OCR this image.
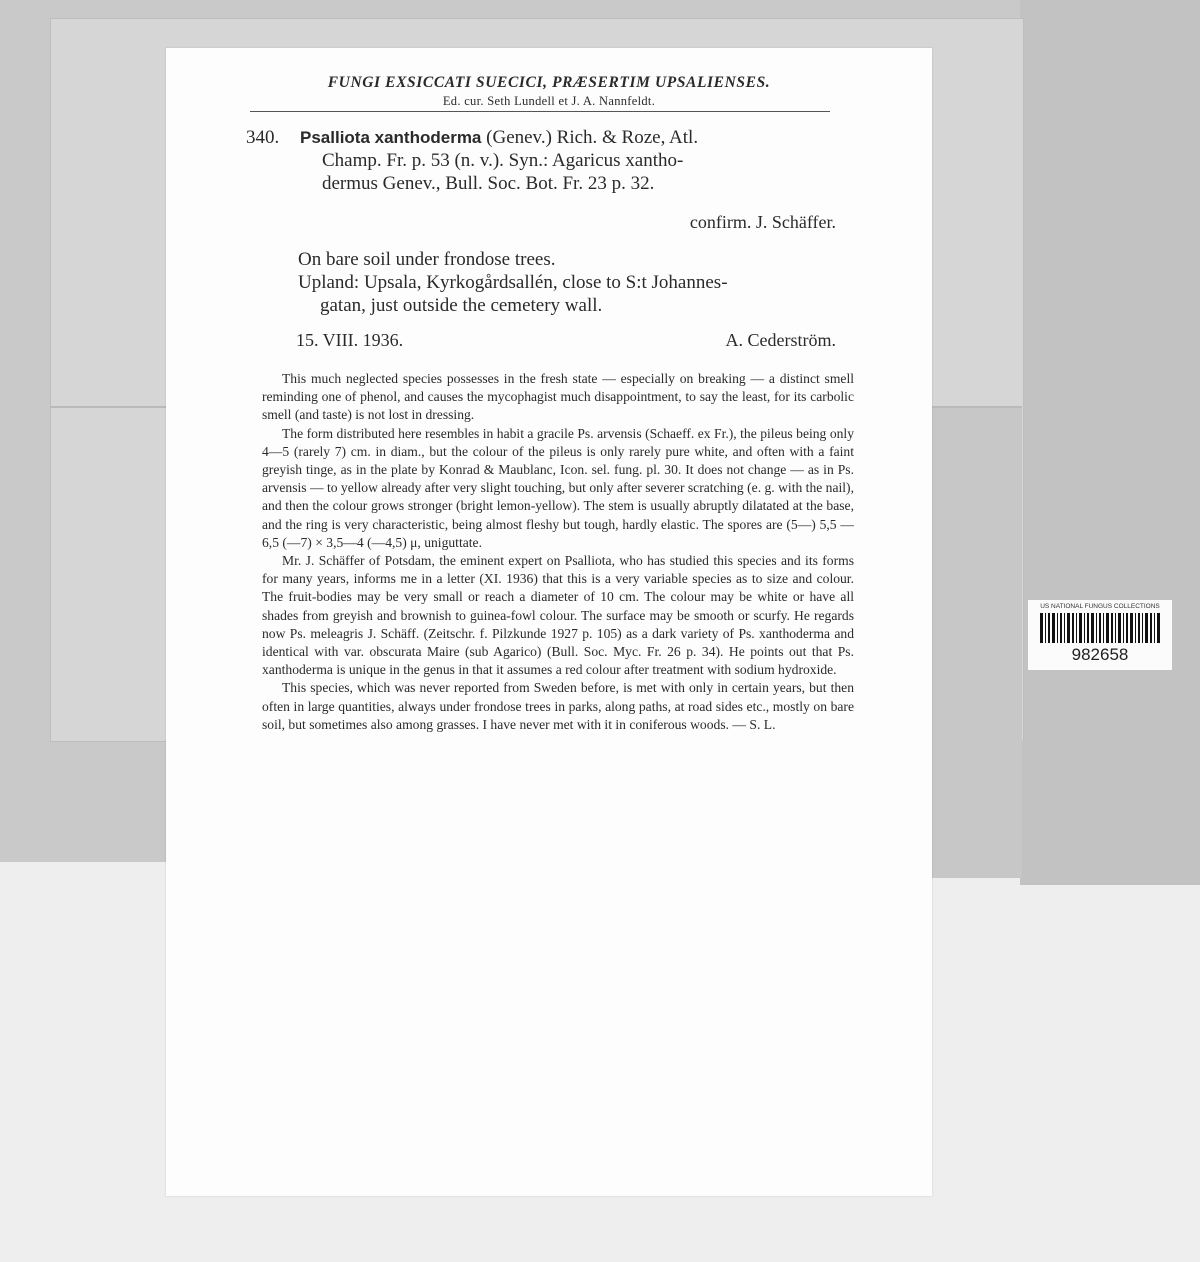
FUNGI EXSICCATI SUECICI, PRÆSERTIM UPSALIENSES.
Ed. cur. Seth Lundell et J. A. Nannfeldt.
340. Psalliota xanthoderma (Genev.) Rich. & Roze, Atl.
Champ. Fr. p. 53 (n. v.). Syn.: Agaricus xantho-
dermus Genev., Bull. Soc. Bot. Fr. 23 p. 32.
confirm. J. Schäffer.
On bare soil under frondose trees.
Upland: Upsala, Kyrkogårdsallén, close to S:t Johannes-
gatan, just outside the cemetery wall.
15. VIII. 1936.	A. Cederström.

This much neglected species possesses in the fresh state — especially on breaking — a distinct smell reminding one of phenol, and causes the mycophagist much disappointment, to say the least, for its carbolic smell (and taste) is not lost in dressing.

The form distributed here resembles in habit a gracile Ps. arvensis (Schaeff. ex Fr.), the pileus being only 4—5 (rarely 7) cm. in diam., but the colour of the pileus is only rarely pure white, and often with a faint greyish tinge, as in the plate by Konrad & Maublanc, Icon. sel. fung. pl. 30. It does not change — as in Ps. arvensis — to yellow already after very slight touching, but only after severer scratching (e. g. with the nail), and then the colour grows stronger (bright lemon-yellow). The stem is usually abruptly dilatated at the base, and the ring is very characteristic, being almost fleshy but tough, hardly elastic. The spores are (5—) 5,5 —6,5 (—7) × 3,5—4 (—4,5) μ, uniguttate.

Mr. J. Schäffer of Potsdam, the eminent expert on Psalliota, who has studied this species and its forms for many years, informs me in a letter (XI. 1936) that this is a very variable species as to size and colour. The fruit-bodies may be very small or reach a diameter of 10 cm. The colour may be white or have all shades from greyish and brownish to guinea-fowl colour. The surface may be smooth or scurfy. He regards now Ps. meleagris J. Schäff. (Zeitschr. f. Pilzkunde 1927 p. 105) as a dark variety of Ps. xanthoderma and identical with var. obscurata Maire (sub Agarico) (Bull. Soc. Myc. Fr. 26 p. 34). He points out that Ps. xanthoderma is unique in the genus in that it assumes a red colour after treatment with sodium hydroxide.

This species, which was never reported from Sweden before, is met with only in certain years, but then often in large quantities, always under frondose trees in parks, along paths, at road sides etc., mostly on bare soil, but sometimes also among grasses. I have never met with it in coniferous woods. — S. L.

US NATIONAL FUNGUS COLLECTIONS
982658
